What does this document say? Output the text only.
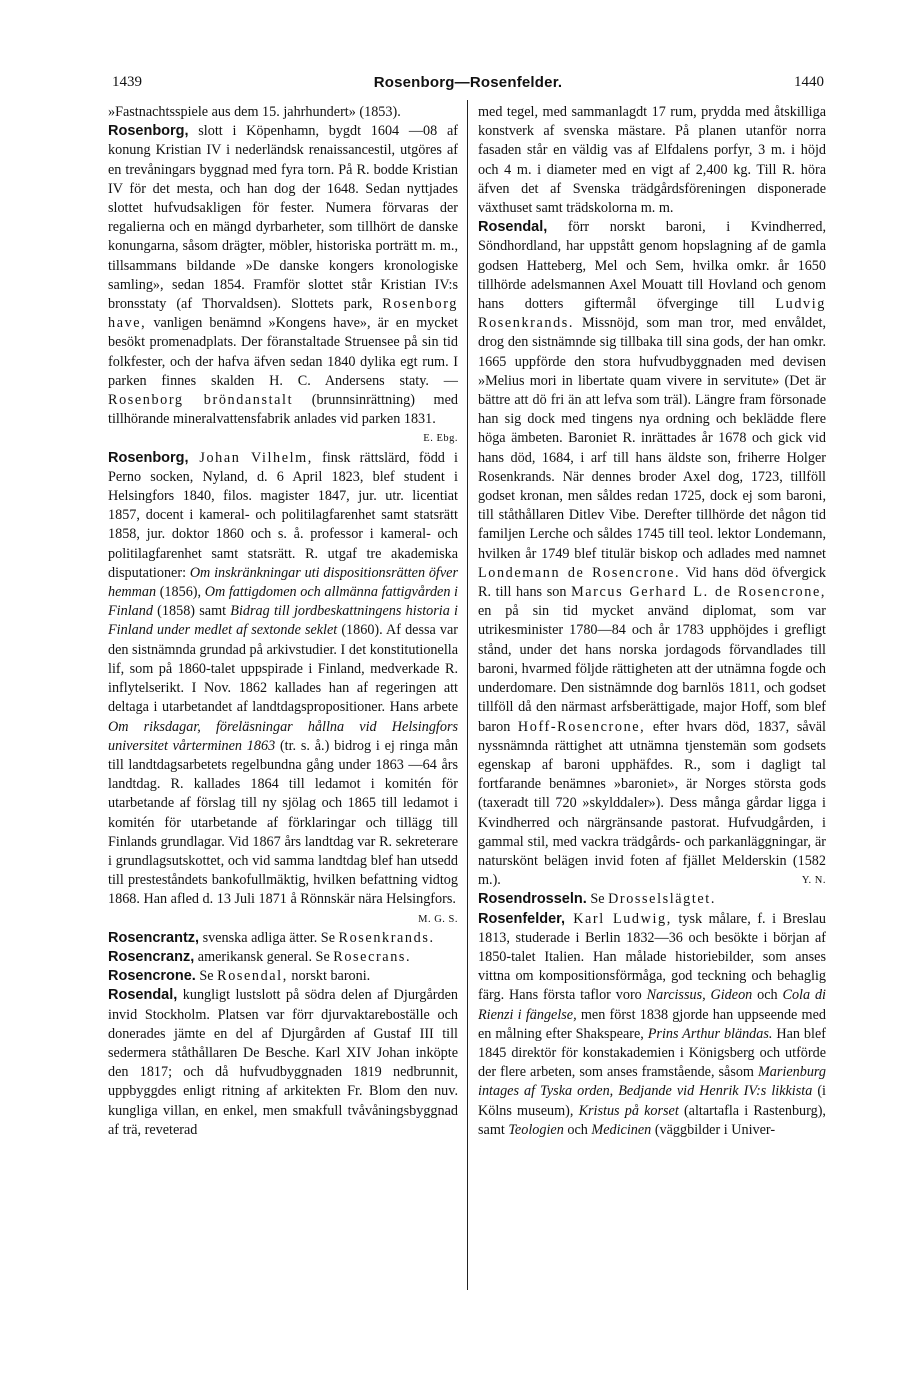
1439	Rosenborg—Rosenfelder.	1440

»Fastnachtsspiele aus dem 15. jahrhundert» (1853).

Rosenborg, slott i Köpenhamn, bygdt 1604 —08 af konung Kristian IV i nederländsk renaissancestil, utgöres af en trevåningars byggnad med fyra torn. På R. bodde Kristian IV för det mesta, och han dog der 1648. Sedan nyttjades slottet hufvudsakligen för fester. Numera förvaras der regalierna och en mängd dyrbarheter, som tillhört de danske konungarna, såsom drägter, möbler, historiska porträtt m. m., tillsammans bildande »De danske kongers kronologiske samling», sedan 1854. Framför slottet står Kristian IV:s bronsstaty (af Thorvaldsen). Slottets park, Rosenborg have, vanligen benämnd »Kongens have», är en mycket besökt promenadplats. Der föranstaltade Struensee på sin tid folkfester, och der hafva äfven sedan 1840 dylika egt rum. I parken finnes skalden H. C. Andersens staty. — Rosenborg bröndanstalt (brunnsinrättning) med tillhörande mineralvattensfabrik anlades vid parken 1831.
E. Ebg.

Rosenborg, Johan Vilhelm, finsk rättslärd, född i Perno socken, Nyland, d. 6 April 1823, blef student i Helsingfors 1840, filos. magister 1847, jur. utr. licentiat 1857, docent i kameral- och politilagfarenhet samt statsrätt 1858, jur. doktor 1860 och s. å. professor i kameral- och politilagfarenhet samt statsrätt. R. utgaf tre akademiska disputationer: Om inskränkningar uti dispositionsrätten öfver hemman (1856), Om fattigdomen och allmänna fattigvården i Finland (1858) samt Bidrag till jordbeskattningens historia i Finland under medlet af sextonde seklet (1860). Af dessa var den sistnämnda grundad på arkivstudier. I det konstitutionella lif, som på 1860-talet uppspirade i Finland, medverkade R. inflytelserikt. I Nov. 1862 kallades han af regeringen att deltaga i utarbetandet af landtdagspropositioner. Hans arbete Om riksdagar, föreläsningar hållna vid Helsingfors universitet vårterminen 1863 (tr. s. å.) bidrog i ej ringa mån till landtdagsarbetets regelbundna gång under 1863 —64 års landtdag. R. kallades 1864 till ledamot i komitén för utarbetande af förslag till ny sjölag och 1865 till ledamot i komitén för utarbetande af förklaringar och tillägg till Finlands grundlagar. Vid 1867 års landtdag var R. sekreterare i grundlagsutskottet, och vid samma landtdag blef han utsedd till presteståndets bankofullmäktig, hvilken befattning vidtog 1868. Han afled d. 13 Juli 1871 å Rönnskär nära Helsingfors.
M. G. S.

Rosencrantz, svenska adliga ätter. Se Rosenkrands.

Rosencranz, amerikansk general. Se Rosecrans.

Rosencrone. Se Rosendal, norskt baroni.

Rosendal, kungligt lustslott på södra delen af Djurgården invid Stockholm. Platsen var förr djurvaktareboställe och donerades jämte en del af Djurgården af Gustaf III till sedermera ståthållaren De Besche. Karl XIV Johan inköpte den 1817; och då hufvudbyggnaden 1819 nedbrunnit, uppbyggdes enligt ritning af arkitekten Fr. Blom den nuv. kungliga villan, en enkel, men smakfull tvåvåningsbyggnad af trä, reveterad

med tegel, med sammanlagdt 17 rum, prydda med åtskilliga konstverk af svenska mästare. På planen utanför norra fasaden står en väldig vas af Elfdalens porfyr, 3 m. i höjd och 4 m. i diameter med en vigt af 2,400 kg. Till R. höra äfven det af Svenska trädgårdsföreningen disponerade växthuset samt trädskolorna m. m.

Rosendal, förr norskt baroni, i Kvindherred, Söndhordland, har uppstått genom hopslagning af de gamla godsen Hatteberg, Mel och Sem, hvilka omkr. år 1650 tillhörde adelsmannen Axel Mouatt till Hovland och genom hans dotters giftermål öfverginge till Ludvig Rosenkrands. Missnöjd, som man tror, med envåldet, drog den sistnämnde sig tillbaka till sina gods, der han omkr. 1665 uppförde den stora hufvudbyggnaden med devisen »Melius mori in libertate quam vivere in servitute» (Det är bättre att dö fri än att lefva som träl). Längre fram försonade han sig dock med tingens nya ordning och beklädde flere höga ämbeten. Baroniet R. inrättades år 1678 och gick vid hans död, 1684, i arf till hans äldste son, friherre Holger Rosenkrands. När dennes broder Axel dog, 1723, tillföll godset kronan, men såldes redan 1725, dock ej som baroni, till ståthållaren Ditlev Vibe. Derefter tillhörde det någon tid familjen Lerche och såldes 1745 till teol. lektor Londemann, hvilken år 1749 blef titulär biskop och adlades med namnet Londemann de Rosencrone. Vid hans död öfvergick R. till hans son Marcus Gerhard L. de Rosencrone, en på sin tid mycket använd diplomat, som var utrikesminister 1780—84 och år 1783 upphöjdes i grefligt stånd, under det hans norska jordagods förvandlades till baroni, hvarmed följde rättigheten att der utnämna fogde och underdomare. Den sistnämnde dog barnlös 1811, och godset tillföll då den närmast arfsberättigade, major Hoff, som blef baron Hoff-Rosencrone, efter hvars död, 1837, såväl nyssnämnda rättighet att utnämna tjenstemän som godsets egenskap af baroni upphäfdes. R., som i dagligt tal fortfarande benämnes »baroniet», är Norges största gods (taxeradt till 720 »skylddaler»). Dess många gårdar ligga i Kvindherred och närgränsande pastorat. Hufvudgården, i gammal stil, med vackra trädgårds- och parkanläggningar, är naturskönt belägen invid foten af fjället Melderskin (1582 m.).	Y. N.

Rosendrosseln. Se Drosselslägtet.

Rosenfelder, Karl Ludwig, tysk målare, f. i Breslau 1813, studerade i Berlin 1832—36 och besökte i början af 1850-talet Italien. Han målade historiebilder, som anses vittna om kompositionsförmåga, god teckning och behaglig färg. Hans första taflor voro Narcissus, Gideon och Cola di Rienzi i fängelse, men först 1838 gjorde han uppseende med en målning efter Shakspeare, Prins Arthur bländas. Han blef 1845 direktör för konstakademien i Königsberg och utförde der flere arbeten, som anses framstående, såsom Marienburg intages af Tyska orden, Bedjande vid Henrik IV:s likkista (i Kölns museum), Kristus på korset (altartafla i Rastenburg), samt Teologien och Medicinen (väggbilder i Univer-
